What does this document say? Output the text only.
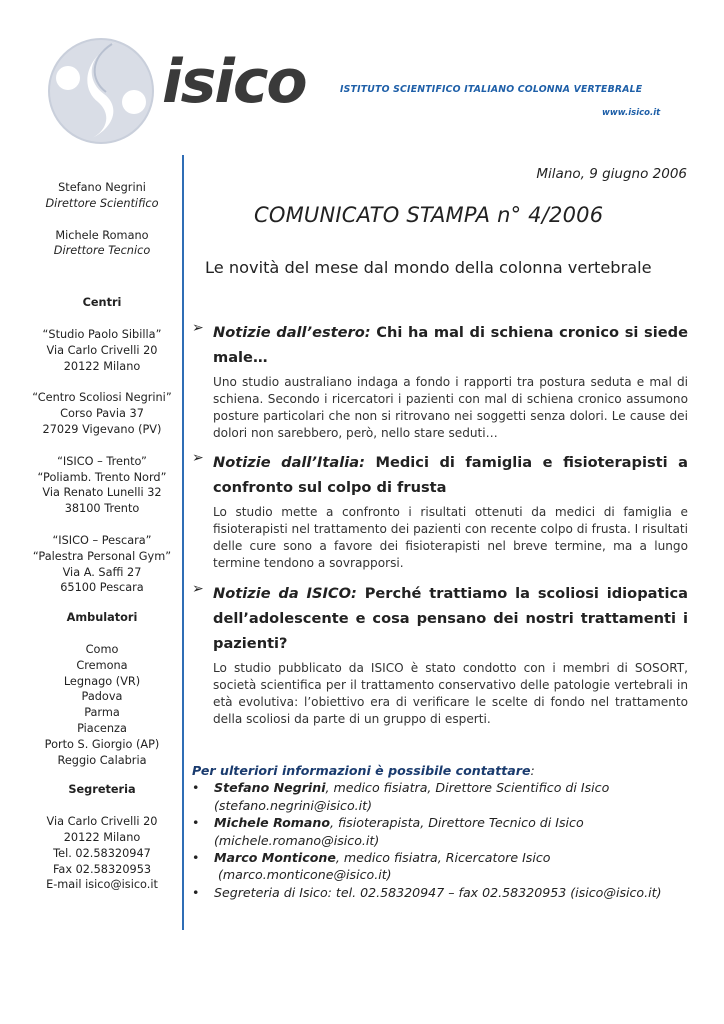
isico	ISTITUTO SCIENTIFICO ITALIANO COLONNA VERTEBRALE
www.isico.it
Stefano Negrini
Direttore Scientifico
Michele Romano
Direttore Tecnico
Centri
“Studio Paolo Sibilla”
Via Carlo Crivelli 20
20122 Milano
“Centro Scoliosi Negrini”
Corso Pavia 37
27029 Vigevano (PV)
“ISICO – Trento”
“Poliamb. Trento Nord”
Via Renato Lunelli 32
38100 Trento
“ISICO – Pescara”
“Palestra Personal Gym”
Via A. Saffi 27
65100 Pescara
Ambulatori
Como
Cremona
Legnago (VR)
Padova
Parma
Piacenza
Porto S. Giorgio (AP)
Reggio Calabria
Segreteria
Via Carlo Crivelli 20
20122 Milano
Tel. 02.58320947
Fax 02.58320953
E-mail isico@isico.it
Milano, 9 giugno 2006
COMUNICATO STAMPA n° 4/2006
Le novità del mese dal mondo della colonna vertebrale
➢ Notizie dall’estero: Chi ha mal di schiena cronico si siede male…
Uno studio australiano indaga a fondo i rapporti tra postura seduta e mal di schiena. Secondo i ricercatori i pazienti con mal di schiena cronico assumono posture particolari che non si ritrovano nei soggetti senza dolori. Le cause dei dolori non sarebbero, però, nello stare seduti…
➢ Notizie dall’Italia: Medici di famiglia e fisioterapisti a confronto sul colpo di frusta
Lo studio mette a confronto i risultati ottenuti da medici di famiglia e fisioterapisti nel trattamento dei pazienti con recente colpo di frusta. I risultati delle cure sono a favore dei fisioterapisti nel breve termine, ma a lungo termine tendono a sovrapporsi.
➢ Notizie da ISICO: Perché trattiamo la scoliosi idiopatica dell’adolescente e cosa pensano dei nostri trattamenti i pazienti?
Lo studio pubblicato da ISICO è stato condotto con i membri di SOSORT, società scientifica per il trattamento conservativo delle patologie vertebrali in età evolutiva: l’obiettivo era di verificare le scelte di fondo nel trattamento della scoliosi da parte di un gruppo di esperti.
Per ulteriori informazioni è possibile contattare:
• Stefano Negrini, medico fisiatra, Direttore Scientifico di Isico
(stefano.negrini@isico.it)
• Michele Romano, fisioterapista, Direttore Tecnico di Isico
(michele.romano@isico.it)
• Marco Monticone, medico fisiatra, Ricercatore Isico
(marco.monticone@isico.it)
• Segreteria di Isico: tel. 02.58320947 – fax 02.58320953 (isico@isico.it)
